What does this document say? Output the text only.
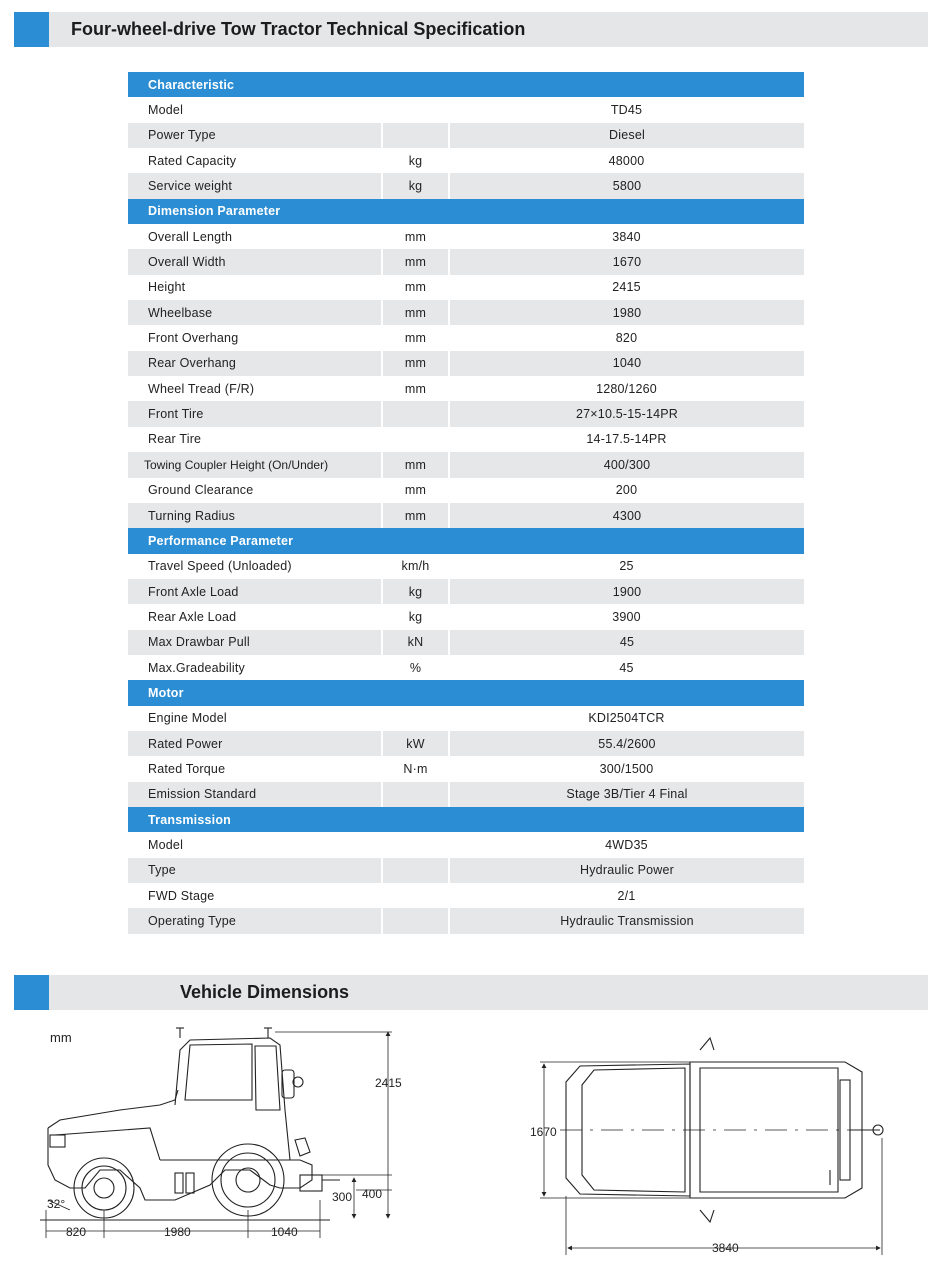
Four-wheel-drive Tow Tractor Technical Specification
Characteristic		
Model		TD45
Power Type		Diesel
Rated Capacity	kg	48000
Service weight	kg	5800
Dimension Parameter		
Overall Length	mm	3840
Overall Width	mm	1670
Height	mm	2415
Wheelbase	mm	1980
Front Overhang	mm	820
Rear Overhang	mm	1040
Wheel Tread (F/R)	mm	1280/1260
Front Tire		27×10.5-15-14PR
Rear Tire		14-17.5-14PR
Towing Coupler Height (On/Under)	mm	400/300
Ground Clearance	mm	200
Turning Radius	mm	4300
Performance Parameter		
Travel Speed (Unloaded)	km/h	25
Front Axle Load	kg	1900
Rear Axle Load	kg	3900
Max Drawbar Pull	kN	45
Max.Gradeability	%	45
Motor		
Engine Model		KDI2504TCR
Rated Power	kW	55.4/2600
Rated Torque	N·m	300/1500
Emission Standard		Stage 3B/Tier 4 Final
Transmission		
Model		4WD35
Type		Hydraulic Power
FWD Stage		2/1
Operating Type		Hydraulic Transmission
Vehicle Dimensions
mm
2415
400
300
32°
820	1980	1040
1670
3840
